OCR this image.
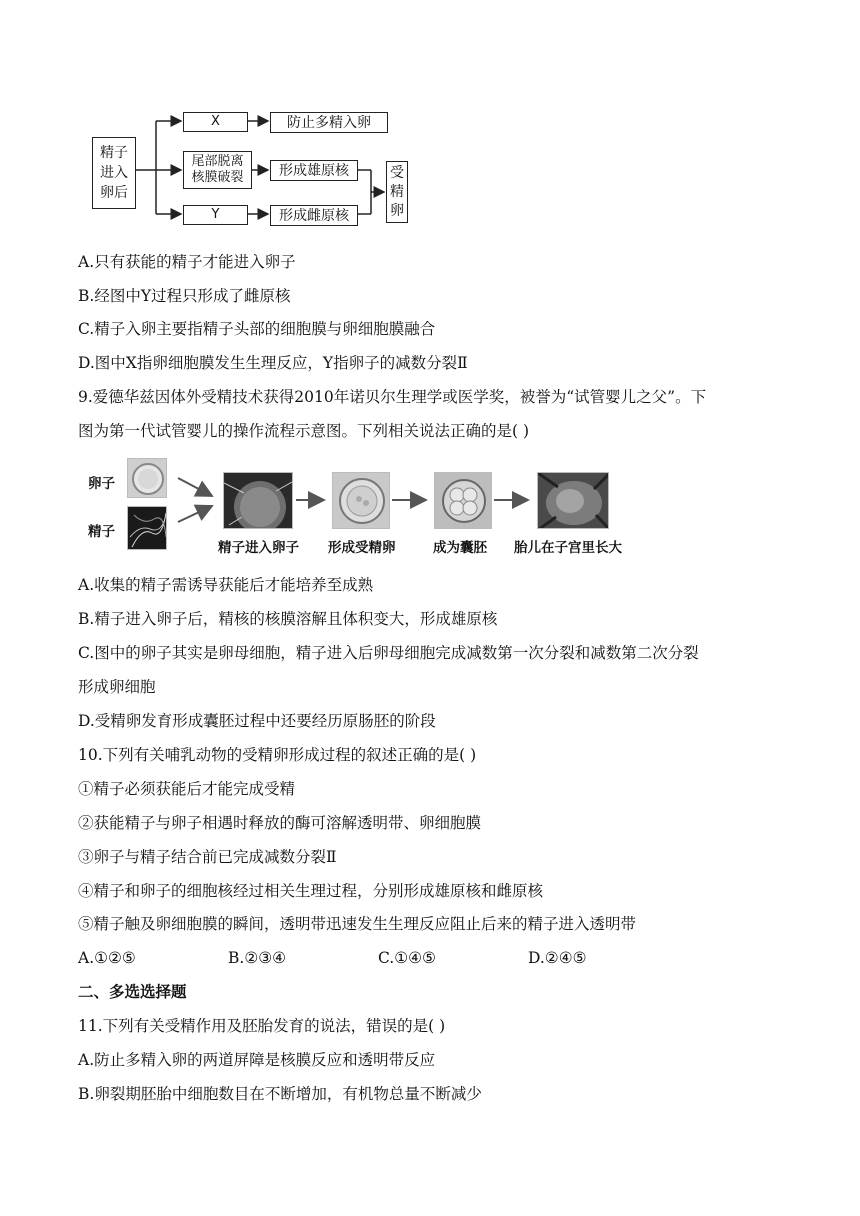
精子进入卵后
X	防止多精入卵
尾部脱离核膜破裂	形成雄原核
Y	形成雌原核
受精卵
A.只有获能的精子才能进入卵子
B.经图中Y过程只形成了雌原核
C.精子入卵主要指精子头部的细胞膜与卵细胞膜融合
D.图中X指卵细胞膜发生生理反应，Y指卵子的减数分裂Ⅱ
9.爱德华兹因体外受精技术获得2010年诺贝尔生理学或医学奖，被誉为“试管婴儿之父”。下
图为第一代试管婴儿的操作流程示意图。下列相关说法正确的是( )
卵子
精子
精子进入卵子 形成受精卵	成为囊胚 胎儿在子宫里长大
A.收集的精子需诱导获能后才能培养至成熟
B.精子进入卵子后，精核的核膜溶解且体积变大，形成雄原核
C.图中的卵子其实是卵母细胞，精子进入后卵母细胞完成减数第一次分裂和减数第二次分裂
形成卵细胞
D.受精卵发育形成囊胚过程中还要经历原肠胚的阶段
10.下列有关哺乳动物的受精卵形成过程的叙述正确的是( )
①精子必须获能后才能完成受精
②获能精子与卵子相遇时释放的酶可溶解透明带、卵细胞膜
③卵子与精子结合前已完成减数分裂Ⅱ
④精子和卵子的细胞核经过相关生理过程，分别形成雄原核和雌原核
⑤精子触及卵细胞膜的瞬间，透明带迅速发生生理反应阻止后来的精子进入透明带
A.①②⑤	B.②③④	C.①④⑤	D.②④⑤
二、多选选择题
11.下列有关受精作用及胚胎发育的说法，错误的是( )
A.防止多精入卵的两道屏障是核膜反应和透明带反应
B.卵裂期胚胎中细胞数目在不断增加，有机物总量不断减少
